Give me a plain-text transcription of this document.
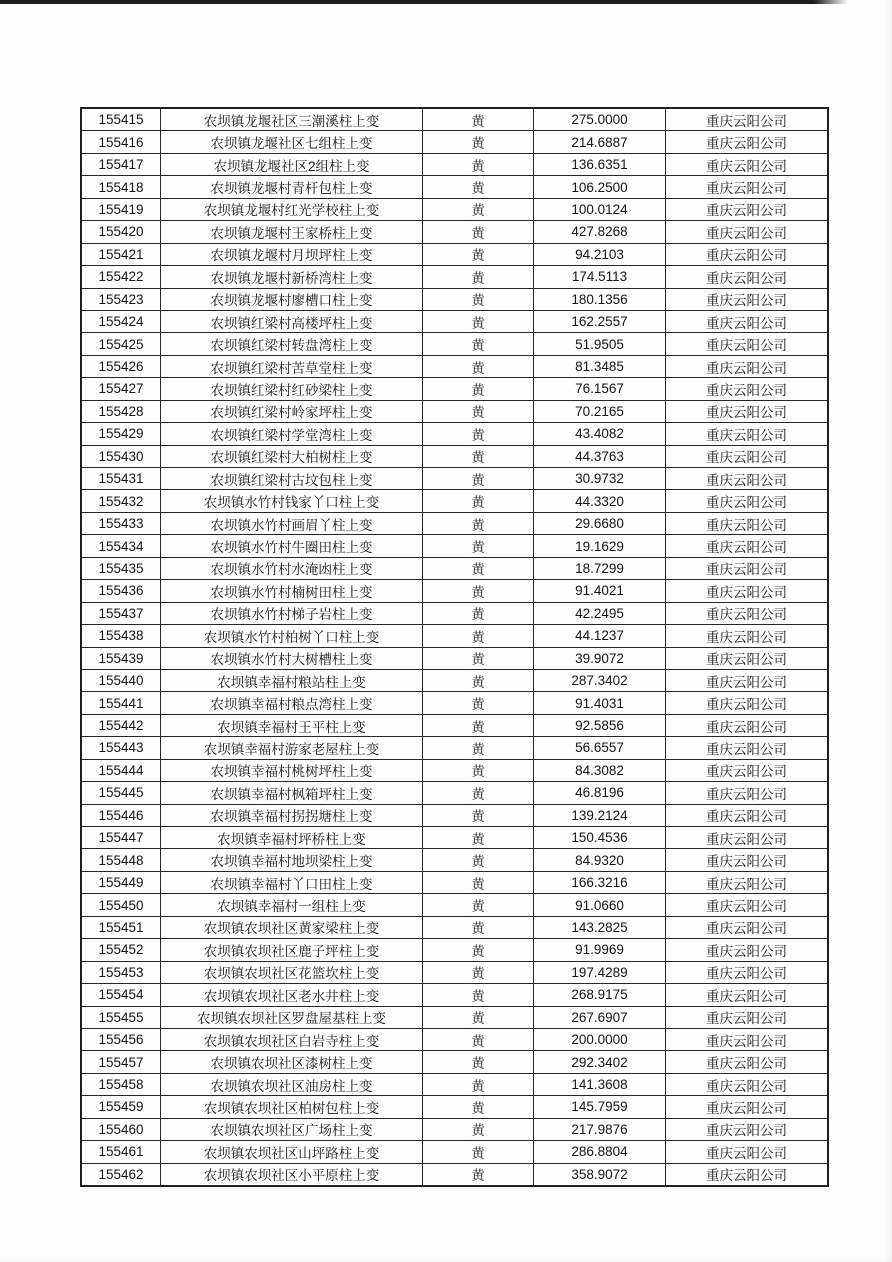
155415	农坝镇龙堰社区三潮溪柱上变	黄	275.0000	重庆云阳公司
155416	农坝镇龙堰社区七组柱上变	黄	214.6887	重庆云阳公司
155417	农坝镇龙堰社区2组柱上变	黄	136.6351	重庆云阳公司
155418	农坝镇龙堰村青杆包柱上变	黄	106.2500	重庆云阳公司
155419	农坝镇龙堰村红光学校柱上变	黄	100.0124	重庆云阳公司
155420	农坝镇龙堰村王家桥柱上变	黄	427.8268	重庆云阳公司
155421	农坝镇龙堰村月坝坪柱上变	黄	94.2103	重庆云阳公司
155422	农坝镇龙堰村新桥湾柱上变	黄	174.5113	重庆云阳公司
155423	农坝镇龙堰村廖槽口柱上变	黄	180.1356	重庆云阳公司
155424	农坝镇红梁村高楼坪柱上变	黄	162.2557	重庆云阳公司
155425	农坝镇红梁村转盘湾柱上变	黄	51.9505	重庆云阳公司
155426	农坝镇红梁村苦草堂柱上变	黄	81.3485	重庆云阳公司
155427	农坝镇红梁村红砂梁柱上变	黄	76.1567	重庆云阳公司
155428	农坝镇红梁村岭家坪柱上变	黄	70.2165	重庆云阳公司
155429	农坝镇红梁村学堂湾柱上变	黄	43.4082	重庆云阳公司
155430	农坝镇红梁村大柏树柱上变	黄	44.3763	重庆云阳公司
155431	农坝镇红梁村古坟包柱上变	黄	30.9732	重庆云阳公司
155432	农坝镇水竹村钱家丫口柱上变	黄	44.3320	重庆云阳公司
155433	农坝镇水竹村画眉丫柱上变	黄	29.6680	重庆云阳公司
155434	农坝镇水竹村牛圈田柱上变	黄	19.1629	重庆云阳公司
155435	农坝镇水竹村水淹凼柱上变	黄	18.7299	重庆云阳公司
155436	农坝镇水竹村楠树田柱上变	黄	91.4021	重庆云阳公司
155437	农坝镇水竹村梯子岩柱上变	黄	42.2495	重庆云阳公司
155438	农坝镇水竹村柏树丫口柱上变	黄	44.1237	重庆云阳公司
155439	农坝镇水竹村大树槽柱上变	黄	39.9072	重庆云阳公司
155440	农坝镇幸福村粮站柱上变	黄	287.3402	重庆云阳公司
155441	农坝镇幸福村粮点湾柱上变	黄	91.4031	重庆云阳公司
155442	农坝镇幸福村王平柱上变	黄	92.5856	重庆云阳公司
155443	农坝镇幸福村游家老屋柱上变	黄	56.6557	重庆云阳公司
155444	农坝镇幸福村桃树坪柱上变	黄	84.3082	重庆云阳公司
155445	农坝镇幸福村枫箱坪柱上变	黄	46.8196	重庆云阳公司
155446	农坝镇幸福村拐拐塘柱上变	黄	139.2124	重庆云阳公司
155447	农坝镇幸福村坪桥柱上变	黄	150.4536	重庆云阳公司
155448	农坝镇幸福村地坝梁柱上变	黄	84.9320	重庆云阳公司
155449	农坝镇幸福村丫口田柱上变	黄	166.3216	重庆云阳公司
155450	农坝镇幸福村一组柱上变	黄	91.0660	重庆云阳公司
155451	农坝镇农坝社区黄家梁柱上变	黄	143.2825	重庆云阳公司
155452	农坝镇农坝社区鹿子坪柱上变	黄	91.9969	重庆云阳公司
155453	农坝镇农坝社区花篮坎柱上变	黄	197.4289	重庆云阳公司
155454	农坝镇农坝社区老水井柱上变	黄	268.9175	重庆云阳公司
155455	农坝镇农坝社区罗盘屋基柱上变	黄	267.6907	重庆云阳公司
155456	农坝镇农坝社区白岩寺柱上变	黄	200.0000	重庆云阳公司
155457	农坝镇农坝社区漆树柱上变	黄	292.3402	重庆云阳公司
155458	农坝镇农坝社区油房柱上变	黄	141.3608	重庆云阳公司
155459	农坝镇农坝社区柏树包柱上变	黄	145.7959	重庆云阳公司
155460	农坝镇农坝社区广场柱上变	黄	217.9876	重庆云阳公司
155461	农坝镇农坝社区山坪路柱上变	黄	286.8804	重庆云阳公司
155462	农坝镇农坝社区小平原柱上变	黄	358.9072	重庆云阳公司
